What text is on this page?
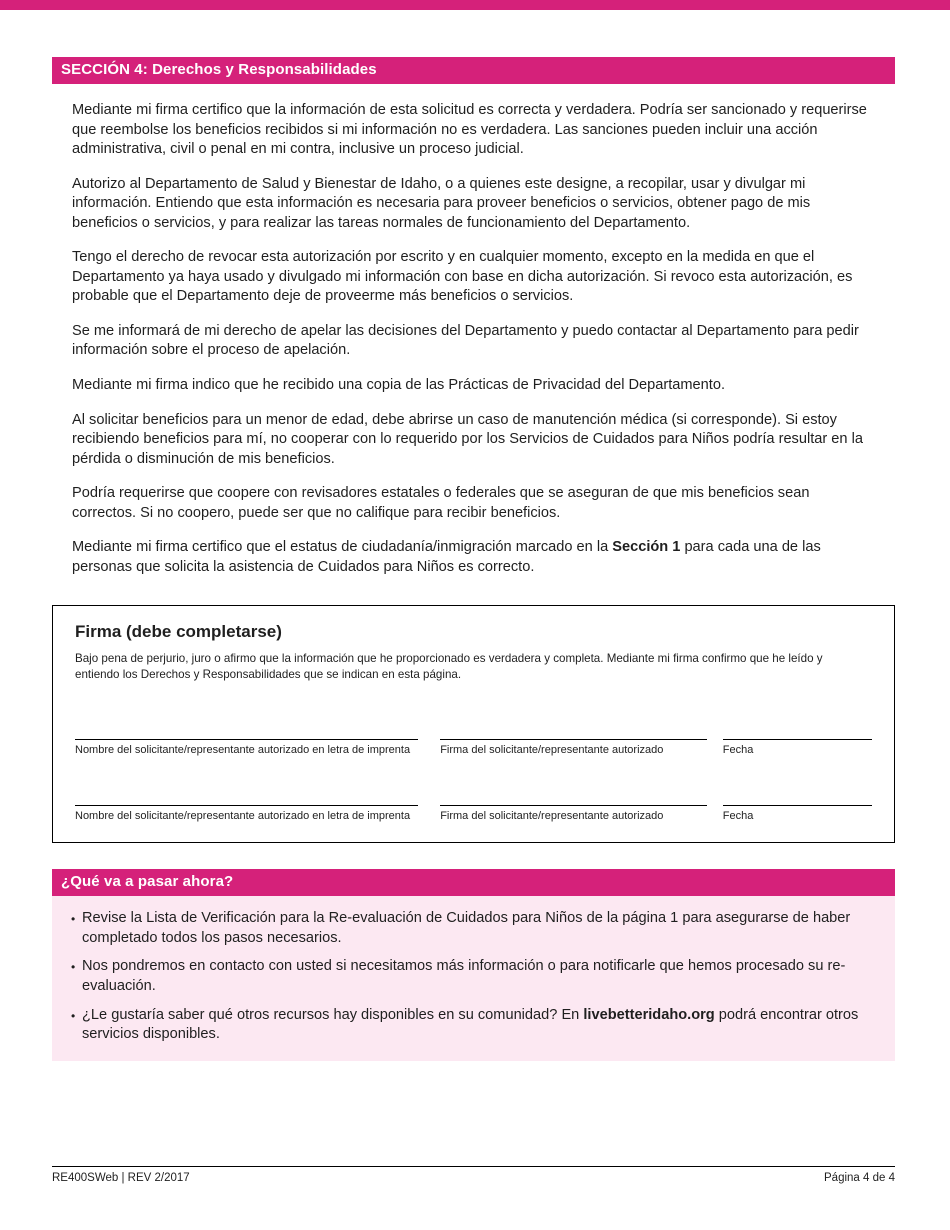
SECCIÓN 4: Derechos y Responsabilidades

Mediante mi firma certifico que la información de esta solicitud es correcta y verdadera. Podría ser sancionado y requerirse que reembolse los beneficios recibidos si mi información no es verdadera. Las sanciones pueden incluir una acción administrativa, civil o penal en mi contra, inclusive un proceso judicial.

Autorizo al Departamento de Salud y Bienestar de Idaho, o a quienes este designe, a recopilar, usar y divulgar mi información. Entiendo que esta información es necesaria para proveer beneficios o servicios, obtener pago de mis beneficios o servicios, y para realizar las tareas normales de funcionamiento del Departamento.

Tengo el derecho de revocar esta autorización por escrito y en cualquier momento, excepto en la medida en que el Departamento ya haya usado y divulgado mi información con base en dicha autorización. Si revoco esta autorización, es probable que el Departamento deje de proveerme más beneficios o servicios.

Se me informará de mi derecho de apelar las decisiones del Departamento y puedo contactar al Departamento para pedir información sobre el proceso de apelación.

Mediante mi firma indico que he recibido una copia de las Prácticas de Privacidad del Departamento.

Al solicitar beneficios para un menor de edad, debe abrirse un caso de manutención médica (si corresponde). Si estoy recibiendo beneficios para mí, no cooperar con lo requerido por los Servicios de Cuidados para Niños podría resultar en la pérdida o disminución de mis beneficios.

Podría requerirse que coopere con revisadores estatales o federales que se aseguran de que mis beneficios sean correctos. Si no coopero, puede ser que no califique para recibir beneficios.

Mediante mi firma certifico que el estatus de ciudadanía/inmigración marcado en la Sección 1 para cada una de las personas que solicita la asistencia de Cuidados para Niños es correcto.

Firma (debe completarse)
Bajo pena de perjurio, juro o afirmo que la información que he proporcionado es verdadera y completa. Mediante mi firma confirmo que he leído y entiendo los Derechos y Responsabilidades que se indican en esta página.
Nombre del solicitante/representante autorizado en letra de imprenta	Firma del solicitante/representante autorizado	Fecha
Nombre del solicitante/representante autorizado en letra de imprenta	Firma del solicitante/representante autorizado	Fecha
¿Qué va a pasar ahora?
• Revise la Lista de Verificación para la Re-evaluación de Cuidados para Niños de la página 1 para asegurarse de haber completado todos los pasos necesarios.
• Nos pondremos en contacto con usted si necesitamos más información o para notificarle que hemos procesado su re-evaluación.
• ¿Le gustaría saber qué otros recursos hay disponibles en su comunidad? En livebetteridaho.org podrá encontrar otros servicios disponibles.
RE400SWeb | REV 2/2017	Página 4 de 4
